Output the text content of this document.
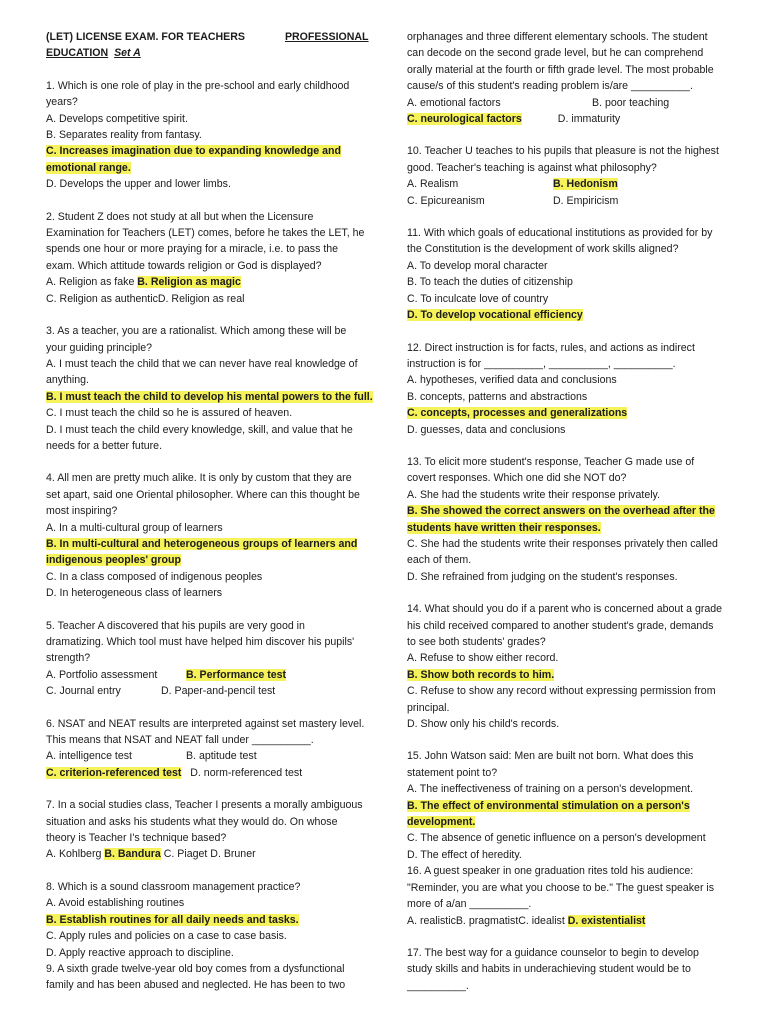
(LET) LICENSE EXAM. FOR TEACHERS	PROFESSIONAL
EDUCATION Set A
1. Which is one role of play in the pre-school and early childhood
years?
A. Develops competitive spirit.
B. Separates reality from fantasy.
C. Increases imagination due to expanding knowledge and
emotional range.
D. Develops the upper and lower limbs.
2. Student Z does not study at all but when the Licensure
Examination for Teachers (LET) comes, before he takes the LET, he
spends one hour or more praying for a miracle, i.e. to pass the
exam. Which attitude towards religion or God is displayed?
A. Religion as fake B. Religion as magic
C. Religion as authenticD. Religion as real
3. As a teacher, you are a rationalist. Which among these will be
your guiding principle?
A. I must teach the child that we can never have real knowledge of
anything.
B. I must teach the child to develop his mental powers to the full.
C. I must teach the child so he is assured of heaven.
D. I must teach the child every knowledge, skill, and value that he
needs for a better future.
4. All men are pretty much alike. It is only by custom that they are
set apart, said one Oriental philosopher. Where can this thought be
most inspiring?
A. In a multi-cultural group of learners
B. In multi-cultural and heterogeneous groups of learners and
indigenous peoples' group
C. In a class composed of indigenous peoples
D. In heterogeneous class of learners
5. Teacher A discovered that his pupils are very good in
dramatizing. Which tool must have helped him discover his pupils'
strength?
A. Portfolio assessment	B. Performance test
C. Journal entry	D. Paper-and-pencil test
6. NSAT and NEAT results are interpreted against set mastery level.
This means that NSAT and NEAT fall under __________.
A. intelligence test	B. aptitude test
C. criterion-referenced test D. norm-referenced test
7. In a social studies class, Teacher I presents a morally ambiguous
situation and asks his students what they would do. On whose
theory is Teacher I's technique based?
A. Kohlberg B. Bandura C. Piaget D. Bruner
8. Which is a sound classroom management practice?
A. Avoid establishing routines
B. Establish routines for all daily needs and tasks.
C. Apply rules and policies on a case to case basis.
D. Apply reactive approach to discipline.
9. A sixth grade twelve-year old boy comes from a dysfunctional
family and has been abused and neglected. He has been to two
orphanages and three different elementary schools. The student
can decode on the second grade level, but he can comprehend
orally material at the fourth or fifth grade level. The most probable
cause/s of this student's reading problem is/are __________.
A. emotional factors	B. poor teaching
C. neurological factors	D. immaturity
10. Teacher U teaches to his pupils that pleasure is not the highest
good. Teacher's teaching is against what philosophy?
A. Realism	B. Hedonism
C. Epicureanism	D. Empiricism
11. With which goals of educational institutions as provided for by
the Constitution is the development of work skills aligned?
A. To develop moral character
B. To teach the duties of citizenship
C. To inculcate love of country
D. To develop vocational efficiency
12. Direct instruction is for facts, rules, and actions as indirect
instruction is for __________, __________, __________.
A. hypotheses, verified data and conclusions
B. concepts, patterns and abstractions
C. concepts, processes and generalizations
D. guesses, data and conclusions
13. To elicit more student's response, Teacher G made use of
covert responses. Which one did she NOT do?
A. She had the students write their response privately.
B. She showed the correct answers on the overhead after the
students have written their responses.
C. She had the students write their responses privately then called
each of them.
D. She refrained from judging on the student's responses.
14. What should you do if a parent who is concerned about a grade
his child received compared to another student's grade, demands
to see both students' grades?
A. Refuse to show either record.
B. Show both records to him.
C. Refuse to show any record without expressing permission from
principal.
D. Show only his child's records.
15. John Watson said: Men are built not born. What does this
statement point to?
A. The ineffectiveness of training on a person's development.
B. The effect of environmental stimulation on a person's
development.
C. The absence of genetic influence on a person's development
D. The effect of heredity.
16. A guest speaker in one graduation rites told his audience:
"Reminder, you are what you choose to be." The guest speaker is
more of a/an __________.
A. realisticB. pragmatistC. idealist D. existentialist
17. The best way for a guidance counselor to begin to develop
study skills and habits in underachieving student would be to
__________.
